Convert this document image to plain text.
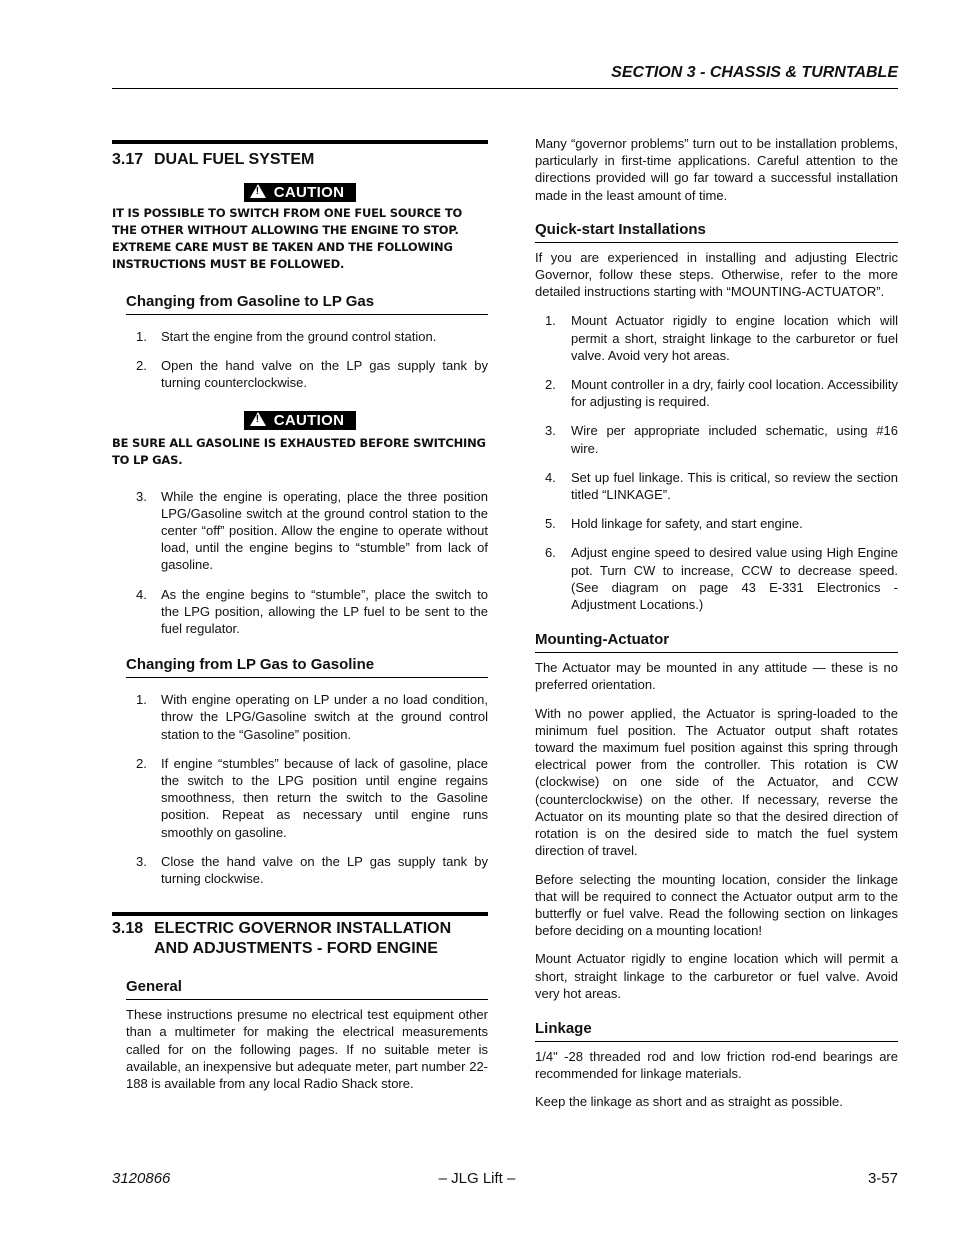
SECTION 3 - CHASSIS & TURNTABLE
3.17 DUAL FUEL SYSTEM
! CAUTION

IT IS POSSIBLE TO SWITCH FROM ONE FUEL SOURCE TO THE OTHER WITHOUT ALLOWING THE ENGINE TO STOP. EXTREME CARE MUST BE TAKEN AND THE FOLLOWING INSTRUCTIONS MUST BE FOLLOWED.

Changing from Gasoline to LP Gas
1. Start the engine from the ground control station.
2. Open the hand valve on the LP gas supply tank by turning counterclockwise.
! CAUTION

BE SURE ALL GASOLINE IS EXHAUSTED BEFORE SWITCHING TO LP GAS.

3. While the engine is operating, place the three position LPG/Gasoline switch at the ground control station to the center “off” position. Allow the engine to operate without load, until the engine begins to “stumble” from lack of gasoline.
4. As the engine begins to “stumble”, place the switch to the LPG position, allowing the LP fuel to be sent to the fuel regulator.
Changing from LP Gas to Gasoline
1. With engine operating on LP under a no load condition, throw the LPG/Gasoline switch at the ground control station to the “Gasoline” position.
2. If engine “stumbles” because of lack of gasoline, place the switch to the LPG position until engine regains smoothness, then return the switch to the Gasoline position. Repeat as necessary until engine runs smoothly on gasoline.
3. Close the hand valve on the LP gas supply tank by turning clockwise.
3.18 ELECTRIC GOVERNOR INSTALLATION
AND ADJUSTMENTS - FORD ENGINE
General

These instructions presume no electrical test equipment other than a multimeter for making the electrical measurements called for on the following pages. If no suitable meter is available, an inexpensive but adequate meter, part number 22-188 is available from any local Radio Shack store.

Many “governor problems” turn out to be installation problems, particularly in first-time applications. Careful attention to the directions provided will go far toward a successful installation made in the least amount of time.

Quick-start Installations

If you are experienced in installing and adjusting Electric Governor, follow these steps. Otherwise, refer to the more detailed instructions starting with “MOUNTING-ACTUATOR”.

1. Mount Actuator rigidly to engine location which will permit a short, straight linkage to the carburetor or fuel valve. Avoid very hot areas.
2. Mount controller in a dry, fairly cool location. Accessibility for adjusting is required.
3. Wire per appropriate included schematic, using #16 wire.
4. Set up fuel linkage. This is critical, so review the section titled “LINKAGE”.
5. Hold linkage for safety, and start engine.
6. Adjust engine speed to desired value using High Engine pot. Turn CW to increase, CCW to decrease speed. (See diagram on page 43 E-331 Electronics - Adjustment Locations.)
Mounting-Actuator

The Actuator may be mounted in any attitude — these is no preferred orientation.

With no power applied, the Actuator is spring-loaded to the minimum fuel position. The Actuator output shaft rotates toward the maximum fuel position against this spring through electrical power from the controller. This rotation is CW (clockwise) on one side of the Actuator, and CCW (counterclockwise) on the other. If necessary, reverse the Actuator on its mounting plate so that the desired direction of rotation is on the desired side to match the fuel system direction of travel.

Before selecting the mounting location, consider the linkage that will be required to connect the Actuator output arm to the butterfly or fuel valve. Read the following section on linkages before deciding on a mounting location!

Mount Actuator rigidly to engine location which will permit a short, straight linkage to the carburetor or fuel valve. Avoid very hot areas.

Linkage

1/4" -28 threaded rod and low friction rod-end bearings are recommended for linkage materials.

Keep the linkage as short and as straight as possible.

3120866	– JLG Lift –	3-57
